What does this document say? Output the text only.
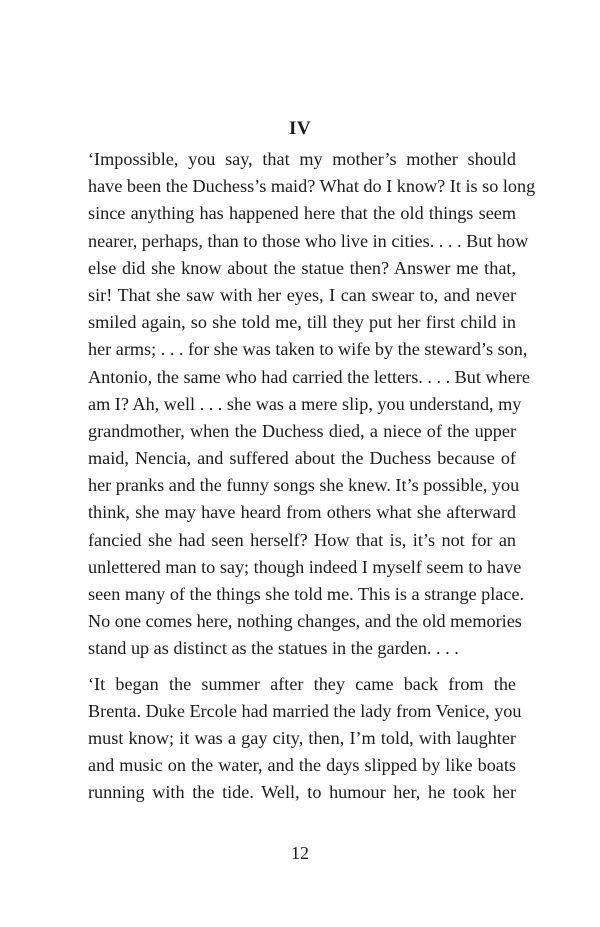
IV
‘Impossible, you say, that my mother’s mother should
have been the Duchess’s maid? What do I know? It is so long
since anything has happened here that the old things seem
nearer, perhaps, than to those who live in cities. . . . But how
else did she know about the statue then? Answer me that,
sir! That she saw with her eyes, I can swear to, and never
smiled again, so she told me, till they put her first child in
her arms; . . . for she was taken to wife by the steward’s son,
Antonio, the same who had carried the letters. . . . But where
am I? Ah, well . . . she was a mere slip, you understand, my
grandmother, when the Duchess died, a niece of the upper
maid, Nencia, and suffered about the Duchess because of
her pranks and the funny songs she knew. It’s possible, you
think, she may have heard from others what she afterward
fancied she had seen herself? How that is, it’s not for an
unlettered man to say; though indeed I myself seem to have
seen many of the things she told me. This is a strange place.
No one comes here, nothing changes, and the old memories
stand up as distinct as the statues in the garden. . . .
‘It began the summer after they came back from the
Brenta. Duke Ercole had married the lady from Venice, you
must know; it was a gay city, then, I’m told, with laughter
and music on the water, and the days slipped by like boats
running with the tide. Well, to humour her, he took her
12
